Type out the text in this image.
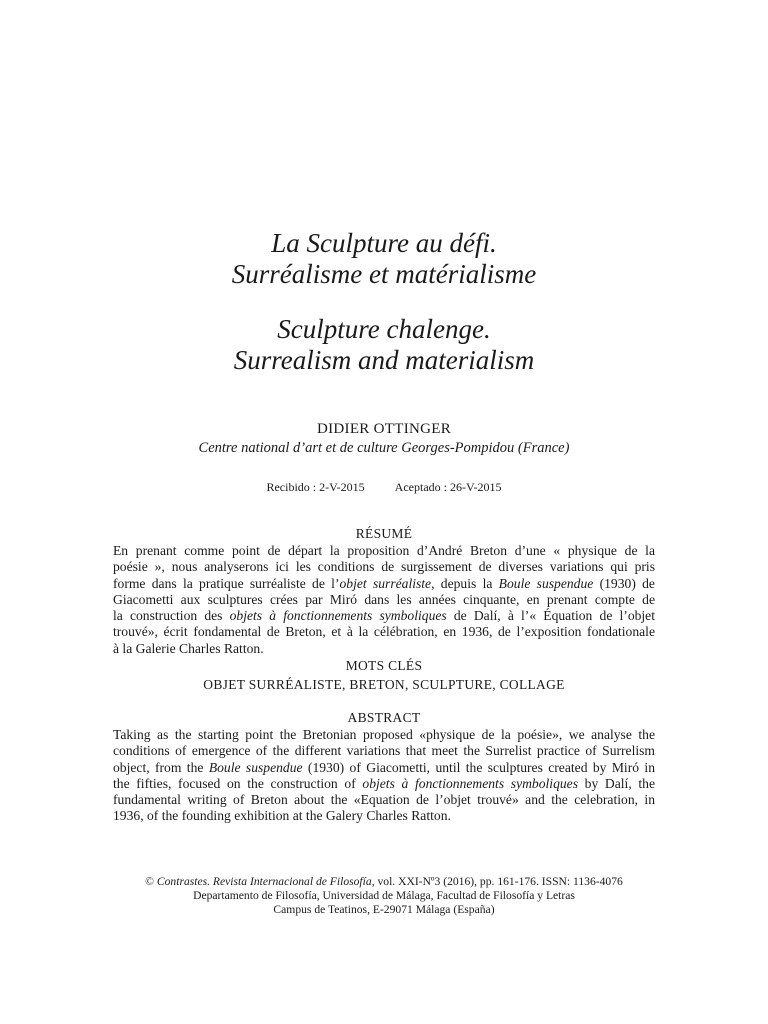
La Sculpture au défi.
Surréalisme et matérialisme
Sculpture chalenge.
Surrealism and materialism
DIDIER OTTINGER
Centre national d’art et de culture Georges-Pompidou (France)
Recibido : 2-V-2015	Aceptado : 26-V-2015
RÉSUMÉ
En prenant comme point de départ la proposition d’André Breton d’une « physique de la
poésie », nous analyserons ici les conditions de surgissement de diverses variations qui pris
forme dans la pratique surréaliste de l’objet surréaliste, depuis la Boule suspendue (1930) de
Giacometti aux sculptures crées par Miró dans les années cinquante, en prenant compte de
la construction des objets à fonctionnements symboliques de Dalí, à l’« Équation de l’objet
trouvé», écrit fondamental de Breton, et à la célébration, en 1936, de l’exposition fondationale
à la Galerie Charles Ratton.
MOTS CLÉS
OBJET SURRÉALISTE, BRETON, SCULPTURE, COLLAGE
ABSTRACT
Taking as the starting point the Bretonian proposed «physique de la poésie», we analyse the
conditions of emergence of the different variations that meet the Surrelist practice of Surrelism
object, from the Boule suspendue (1930) of Giacometti, until the sculptures created by Miró in
the fifties, focused on the construction of objets à fonctionnements symboliques by Dalí, the
fundamental writing of Breton about the «Equation de l’objet trouvé» and the celebration, in
1936, of the founding exhibition at the Galery Charles Ratton.
© Contrastes. Revista Internacional de Filosofía, vol. XXI-Nº3 (2016), pp. 161-176. ISSN: 1136-4076
Departamento de Filosofía, Universidad de Málaga, Facultad de Filosofía y Letras
Campus de Teatinos, E-29071 Málaga (España)
